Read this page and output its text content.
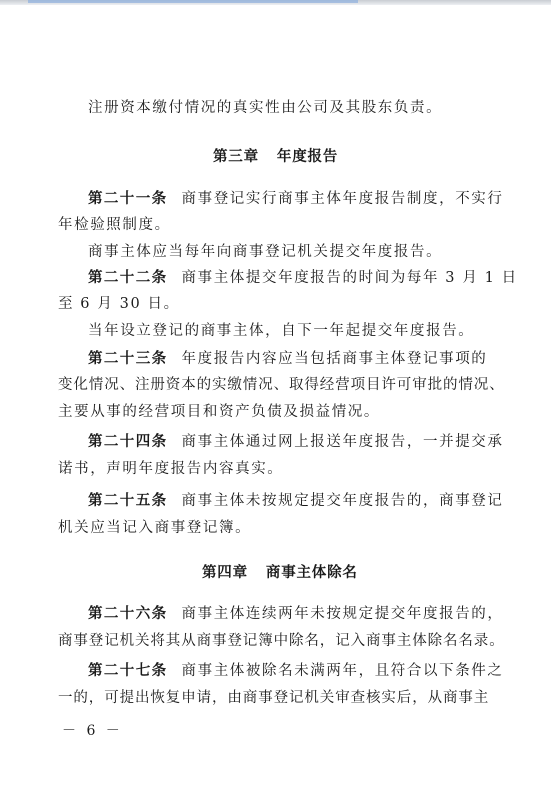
注册资本缴付情况的真实性由公司及其股东负责。
第三章 年度报告
第二十一条 商事登记实行商事主体年度报告制度，不实行
年检验照制度。
商事主体应当每年向商事登记机关提交年度报告。
第二十二条 商事主体提交年度报告的时间为每年 3 月 1 日
至 6 月 30 日。
当年设立登记的商事主体，自下一年起提交年度报告。
第二十三条 年度报告内容应当包括商事主体登记事项的
变化情况、注册资本的实缴情况、取得经营项目许可审批的情况、
主要从事的经营项目和资产负债及损益情况。
第二十四条 商事主体通过网上报送年度报告，一并提交承
诺书，声明年度报告内容真实。
第二十五条 商事主体未按规定提交年度报告的，商事登记
机关应当记入商事登记簿。
第四章 商事主体除名
第二十六条 商事主体连续两年未按规定提交年度报告的，
商事登记机关将其从商事登记簿中除名，记入商事主体除名名录。
第二十七条 商事主体被除名未满两年，且符合以下条件之
一的，可提出恢复申请，由商事登记机关审查核实后，从商事主
－ 6 －
